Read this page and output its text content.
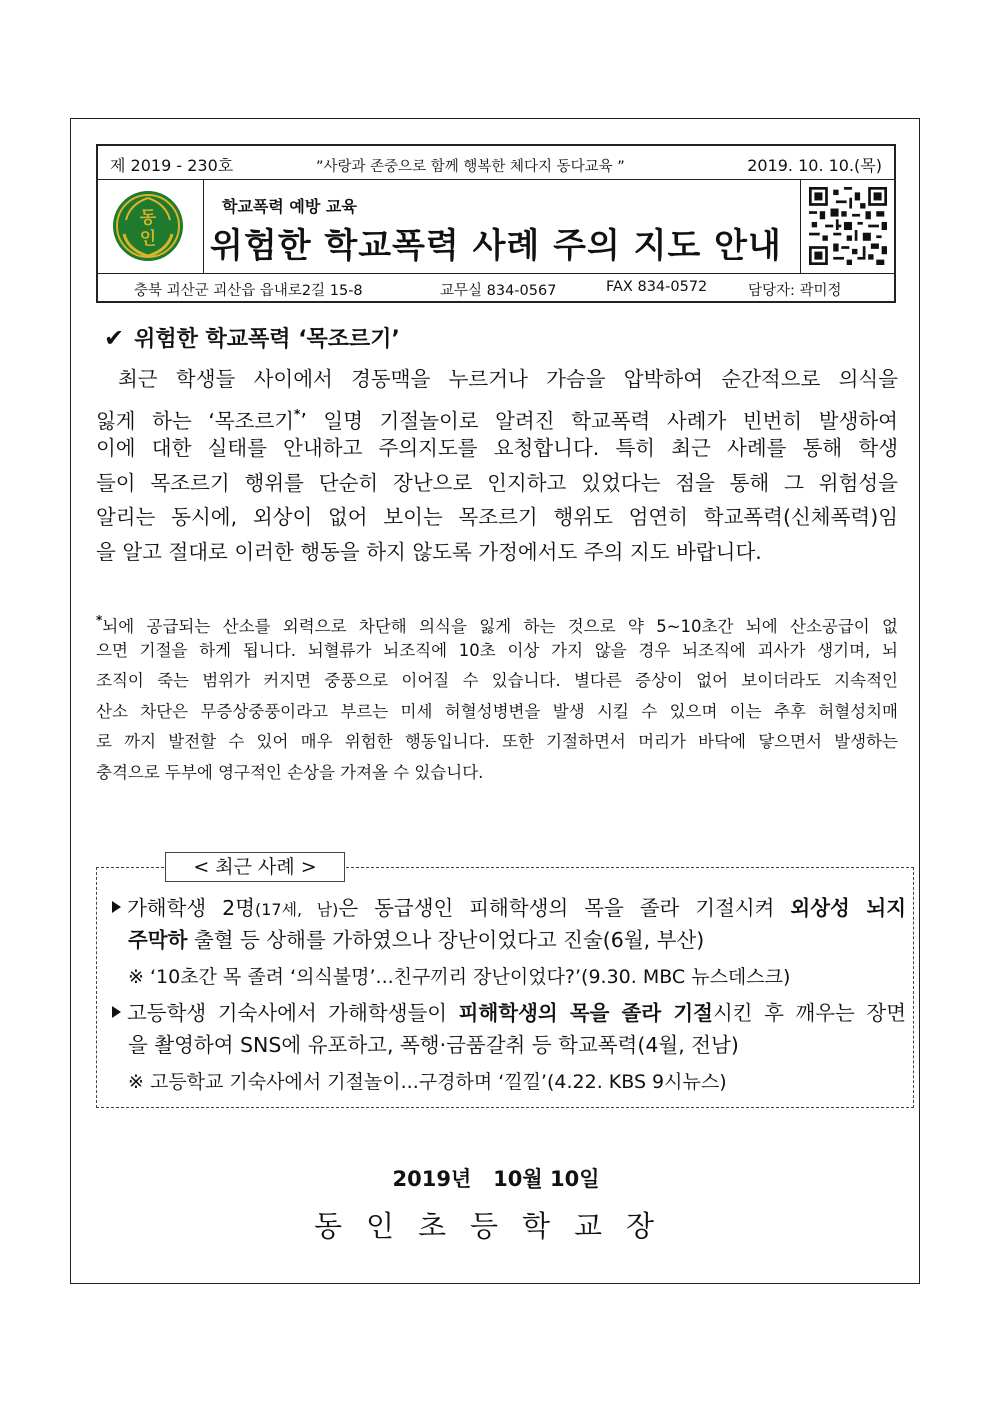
제 2019 - 230호	”사랑과 존중으로 함께 행복한 체다지 동다교육 ”	2019. 10. 10.(목)
동
인
학교폭력 예방 교육
위험한 학교폭력 사례 주의 지도 안내
충북 괴산군 괴산읍 읍내로2길 15-8	교무실 834-0567	FAX 834-0572	담당자: 곽미정
✔ 위험한 학교폭력 ‘목조르기’
최근 학생들 사이에서 경동맥을 누르거나 가슴을 압박하여 순간적으로 의식을
잃게 하는 ‘목조르기*’ 일명 기절놀이로 알려진 학교폭력 사례가 빈번히 발생하여
이에 대한 실태를 안내하고 주의지도를 요청합니다. 특히 최근 사례를 통해 학생
들이 목조르기 행위를 단순히 장난으로 인지하고 있었다는 점을 통해 그 위험성을
알리는 동시에, 외상이 없어 보이는 목조르기 행위도 엄연히 학교폭력(신체폭력)임
을 알고 절대로 이러한 행동을 하지 않도록 가정에서도 주의 지도 바랍니다.
*뇌에 공급되는 산소를 외력으로 차단해 의식을 잃게 하는 것으로 약 5~10초간 뇌에 산소공급이 없
으면 기절을 하게 됩니다. 뇌혈류가 뇌조직에 10초 이상 가지 않을 경우 뇌조직에 괴사가 생기며, 뇌
조직이 죽는 범위가 커지면 중풍으로 이어질 수 있습니다. 별다른 증상이 없어 보이더라도 지속적인
산소 차단은 무증상중풍이라고 부르는 미세 허혈성병변을 발생 시킬 수 있으며 이는 추후 허혈성치매
로 까지 발전할 수 있어 매우 위험한 행동입니다. 또한 기절하면서 머리가 바닥에 닿으면서 발생하는
충격으로 두부에 영구적인 손상을 가져올 수 있습니다.
< 최근 사례 >
가해학생 2명(17세, 남)은 동급생인 피해학생의 목을 졸라 기절시켜 외상성 뇌지
주막하 출혈 등 상해를 가하였으나 장난이었다고 진술(6월, 부산)
※ ‘10초간 목 졸려 ‘의식불명’...친구끼리 장난이었다?’(9.30. MBC 뉴스데스크)
고등학생 기숙사에서 가해학생들이 피해학생의 목을 졸라 기절시킨 후 깨우는 장면
을 촬영하여 SNS에 유포하고, 폭행·금품갈취 등 학교폭력(4월, 전남)
※ 고등학교 기숙사에서 기절놀이...구경하며 ‘낄낄’(4.22. KBS 9시뉴스)
2019년   10월 10일
동인초등학교장
